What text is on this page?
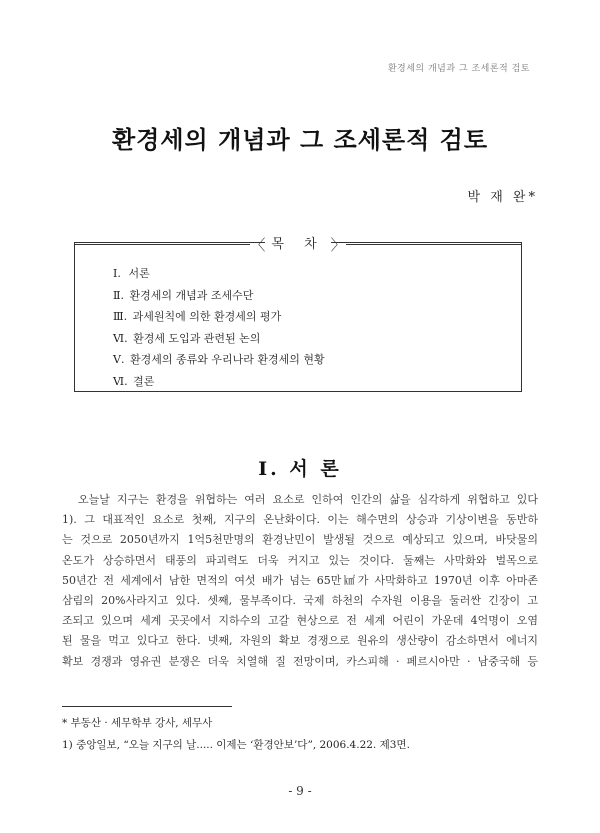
환경세의 개념과 그 조세론적 검토
환경세의 개념과 그 조세론적 검토
박 재 완*
〈 목 차 〉
Ⅰ. 서론
Ⅱ. 환경세의 개념과 조세수단
Ⅲ. 과세원칙에 의한 환경세의 평가
Ⅵ. 환경세 도입과 관련된 논의
Ⅴ. 환경세의 종류와 우리나라 환경세의 현황
Ⅵ. 결론
Ⅰ. 서 론
오늘날 지구는 환경을 위협하는 여러 요소로 인하여 인간의 삶을 심각하게 위협하고 있다
1). 그 대표적인 요소로 첫째, 지구의 온난화이다. 이는 해수면의 상승과 기상이변을 동반하
는 것으로 2050년까지 1억5천만명의 환경난민이 발생될 것으로 예상되고 있으며, 바닷물의
온도가 상승하면서 태풍의 파괴력도 더욱 커지고 있는 것이다. 둘째는 사막화와 벌목으로
50년간 전 세계에서 남한 면적의 여섯 배가 넘는 65만㎢가 사막화하고 1970년 이후 아마존
삼림의 20%사라지고 있다. 셋째, 물부족이다. 국제 하천의 수자원 이용을 둘러싼 긴장이 고
조되고 있으며 세계 곳곳에서 지하수의 고갈 현상으로 전 세계 어린이 가운데 4억명이 오염
된 물을 먹고 있다고 한다. 넷째, 자원의 확보 경쟁으로 원유의 생산량이 감소하면서 에너지
확보 경쟁과 영유권 분쟁은 더욱 치열해 질 전망이며, 카스피해 · 페르시아만 · 남중국해 등

* 부동산 · 세무학부 강사, 세무사

1) 중앙일보, “오늘 지구의 날..... 이제는 ‘환경안보’다”, 2006.4.22. 제3면.

- 9 -
